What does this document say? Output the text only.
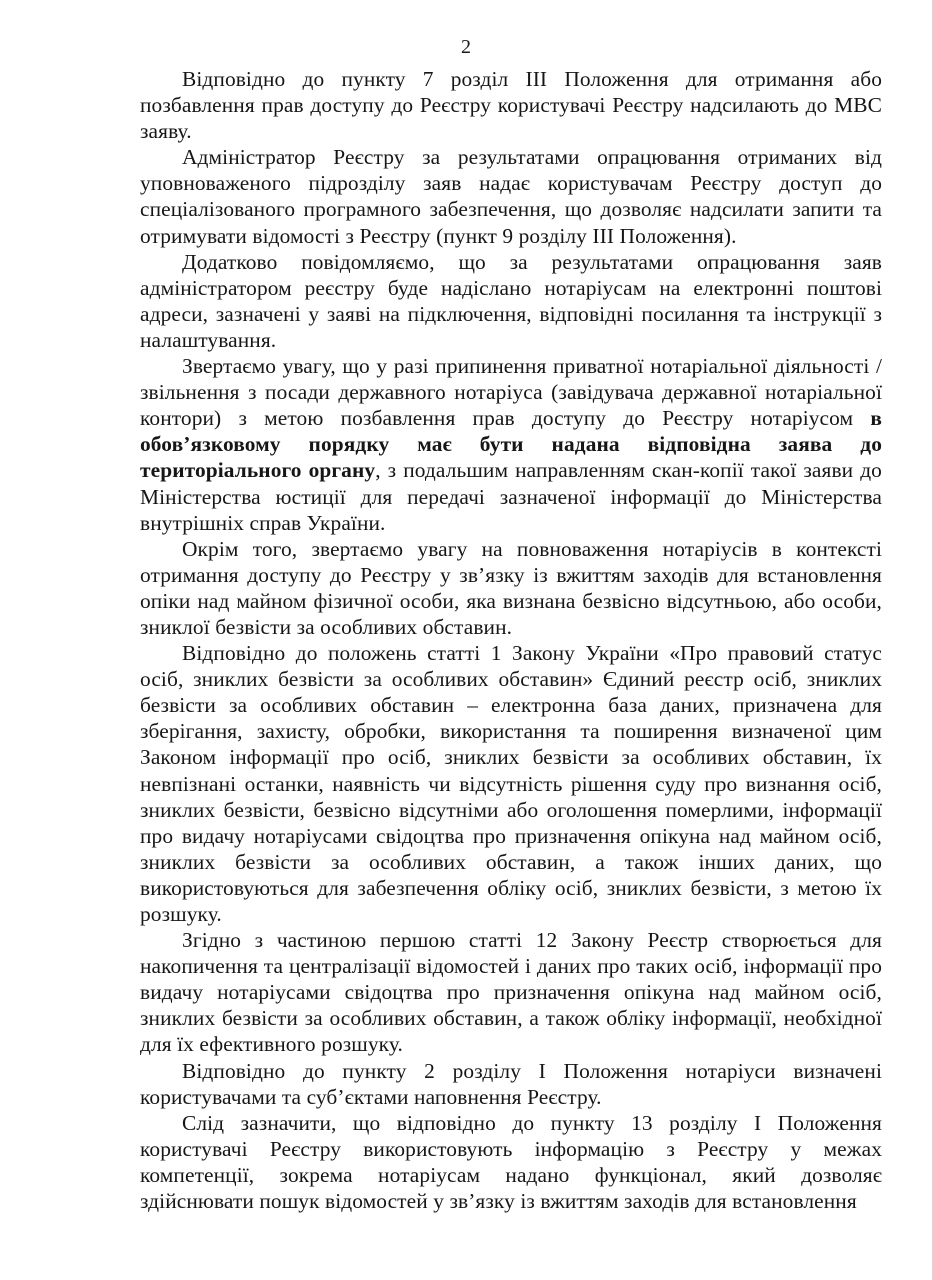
2

Відповідно до пункту 7 розділ ІІІ Положення для отримання або позбавлення прав доступу до Реєстру користувачі Реєстру надсилають до МВС заяву.

Адміністратор Реєстру за результатами опрацювання отриманих від уповноваженого підрозділу заяв надає користувачам Реєстру доступ до спеціалізованого програмного забезпечення, що дозволяє надсилати запити та отримувати відомості з Реєстру (пункт 9 розділу ІІІ Положення).

Додатково повідомляємо, що за результатами опрацювання заяв адміністратором реєстру буде надіслано нотаріусам на електронні поштові адреси, зазначені у заяві на підключення, відповідні посилання та інструкції з налаштування.

Звертаємо увагу, що у разі припинення приватної нотаріальної діяльності / звільнення з посади державного нотаріуса (завідувача державної нотаріальної контори) з метою позбавлення прав доступу до Реєстру нотаріусом в обов’язковому порядку має бути надана відповідна заява до територіального органу, з подальшим направленням скан-копії такої заяви до Міністерства юстиції для передачі зазначеної інформації до Міністерства внутрішніх справ України.

Окрім того, звертаємо увагу на повноваження нотаріусів в контексті отримання доступу до Реєстру у зв’язку із вжиттям заходів для встановлення опіки над майном фізичної особи, яка визнана безвісно відсутньою, або особи, зниклої безвісти за особливих обставин.

Відповідно до положень статті 1 Закону України «Про правовий статус осіб, зниклих безвісти за особливих обставин» Єдиний реєстр осіб, зниклих безвісти за особливих обставин – електронна база даних, призначена для зберігання, захисту, обробки, використання та поширення визначеної цим Законом інформації про осіб, зниклих безвісти за особливих обставин, їх невпізнані останки, наявність чи відсутність рішення суду про визнання осіб, зниклих безвісти, безвісно відсутніми або оголошення померлими, інформації про видачу нотаріусами свідоцтва про призначення опікуна над майном осіб, зниклих безвісти за особливих обставин, а також інших даних, що використовуються для забезпечення обліку осіб, зниклих безвісти, з метою їх розшуку.

Згідно з частиною першою статті 12 Закону Реєстр створюється для накопичення та централізації відомостей і даних про таких осіб, інформації про видачу нотаріусами свідоцтва про призначення опікуна над майном осіб, зниклих безвісти за особливих обставин, а також обліку інформації, необхідної для їх ефективного розшуку.

Відповідно до пункту 2 розділу І Положення нотаріуси визначені користувачами та суб’єктами наповнення Реєстру.

Слід зазначити, що відповідно до пункту 13 розділу І Положення користувачі Реєстру використовують інформацію з Реєстру у межах компетенції, зокрема нотаріусам надано функціонал, який дозволяє здійснювати пошук відомостей у зв’язку із вжиттям заходів для встановлення
